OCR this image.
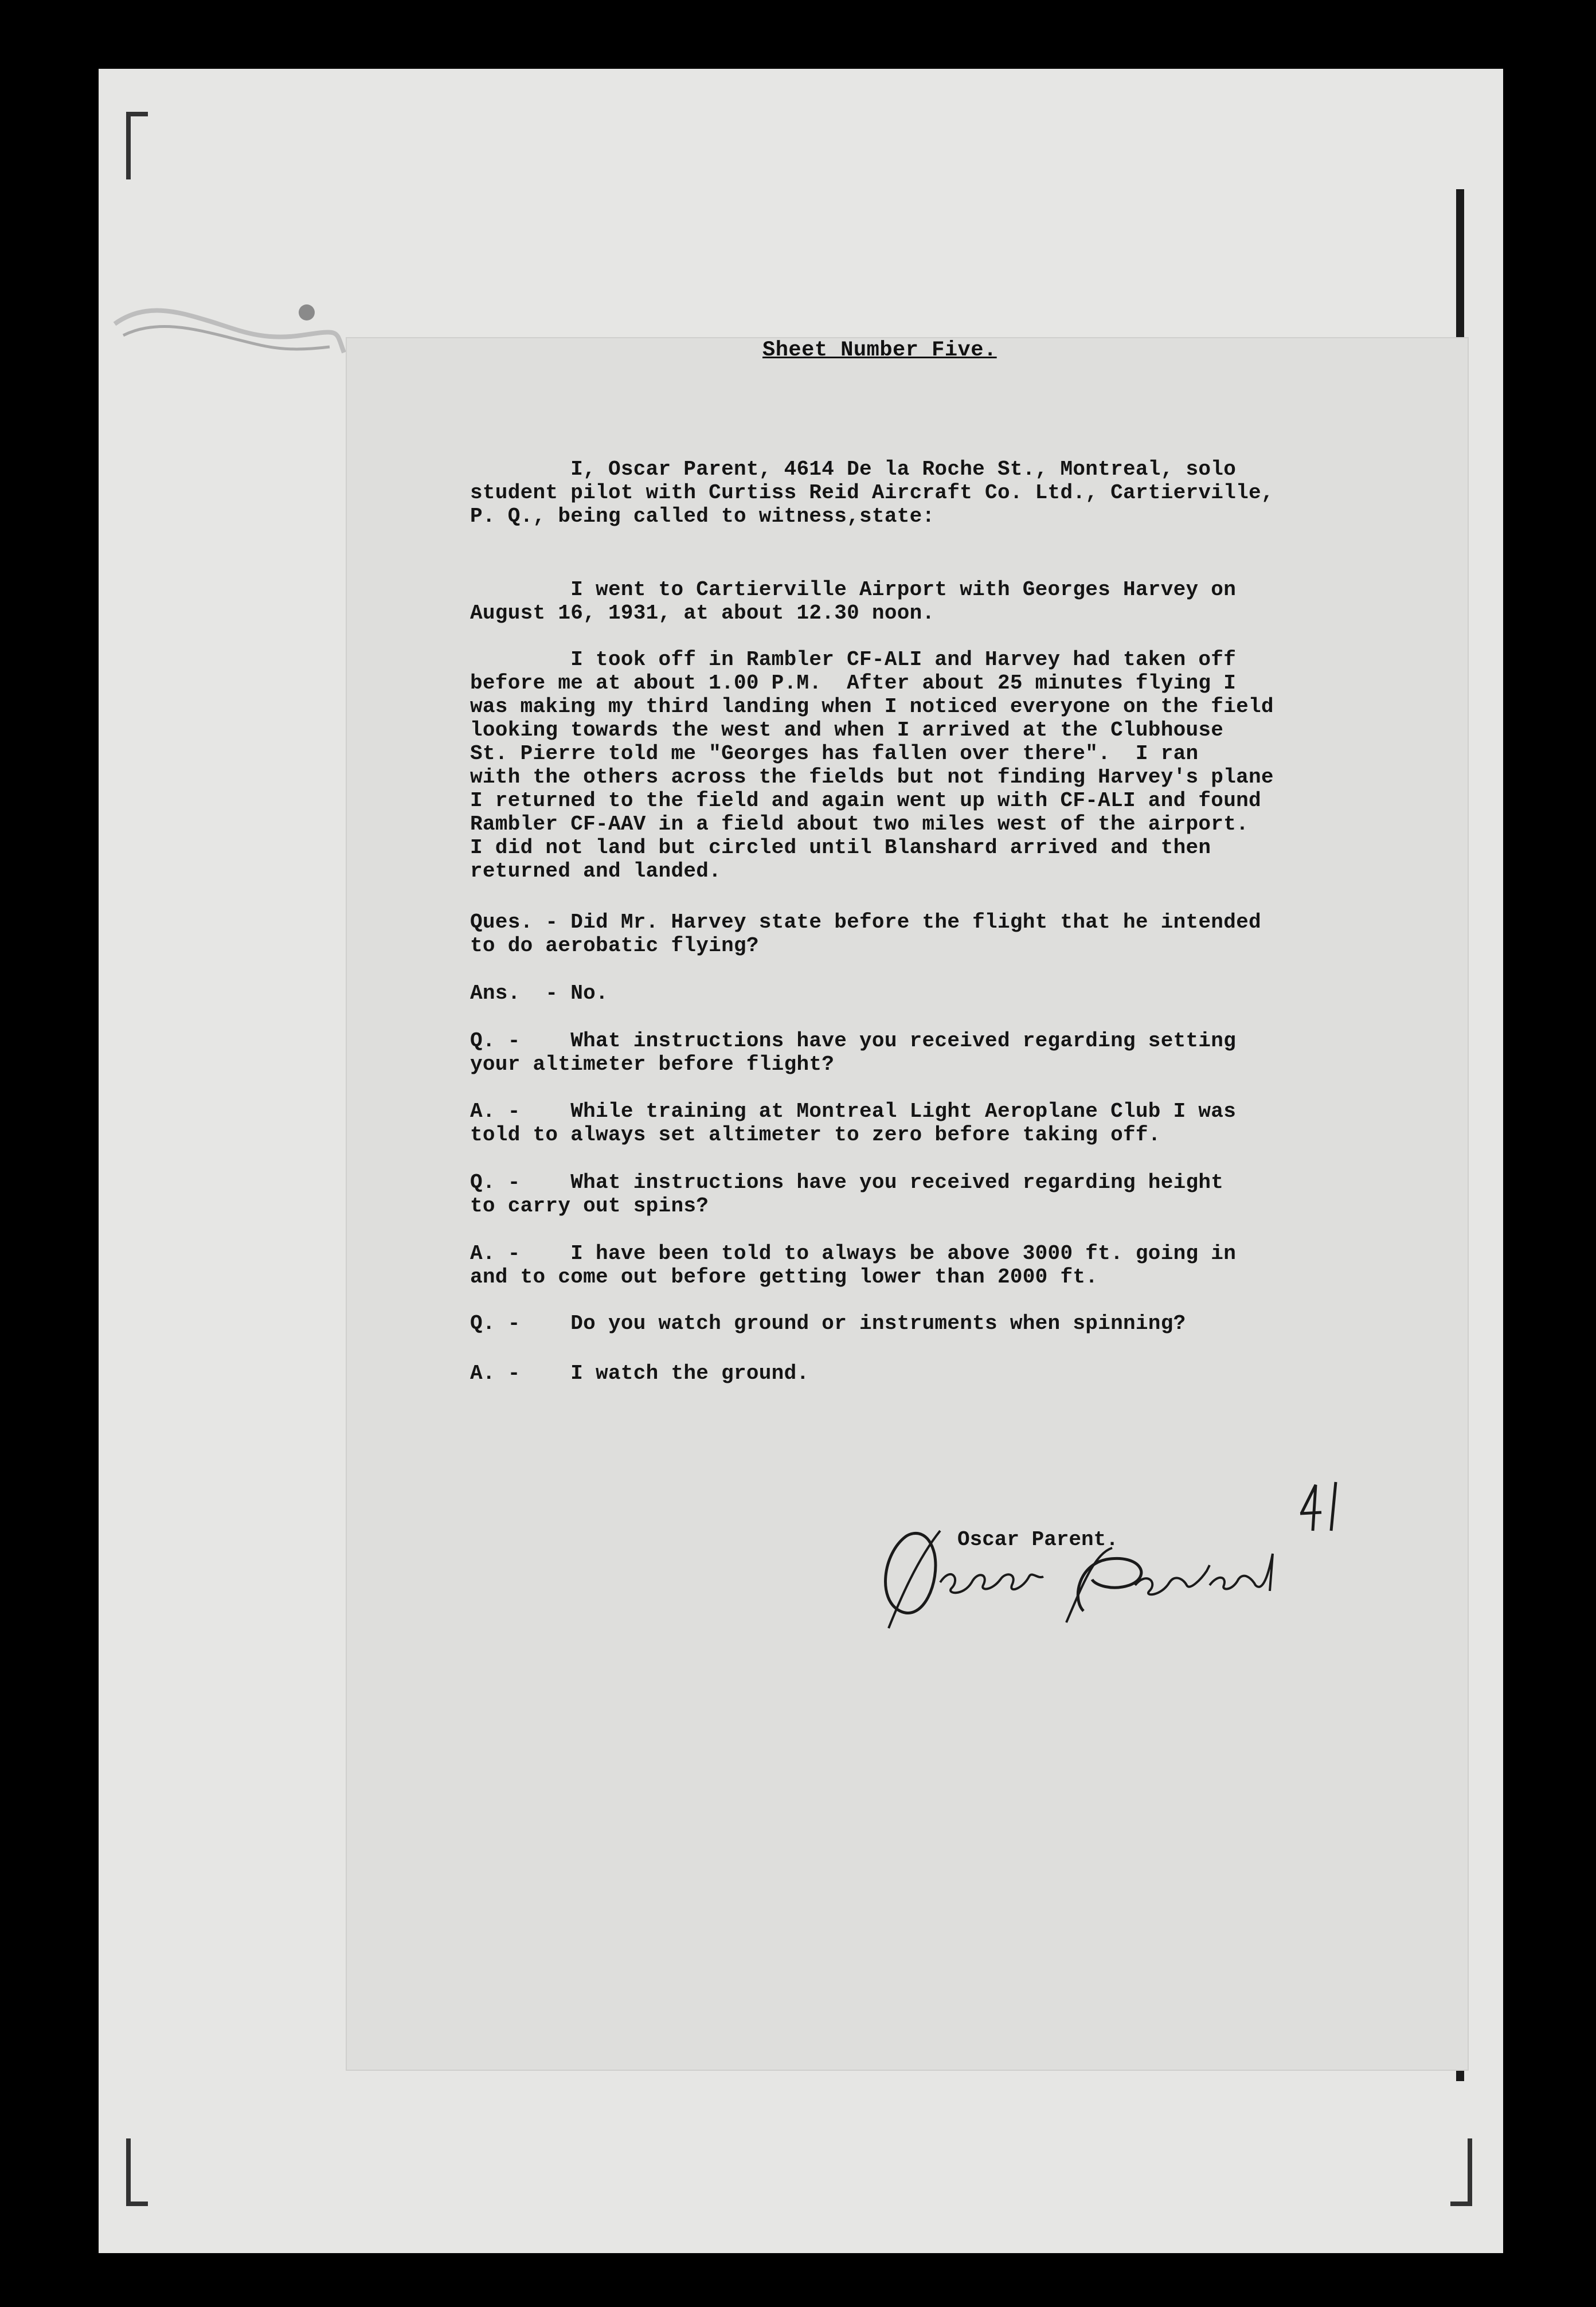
Sheet Number Five.

I, Oscar Parent, 4614 De la Roche St., Montreal, solo
student pilot with Curtiss Reid Aircraft Co. Ltd., Cartierville,
P. Q., being called to witness,state:

I went to Cartierville Airport with Georges Harvey on
August 16, 1931, at about 12.30 noon.

I took off in Rambler CF-ALI and Harvey had taken off
before me at about 1.00 P.M.  After about 25 minutes flying I
was making my third landing when I noticed everyone on the field
looking towards the west and when I arrived at the Clubhouse
St. Pierre told me "Georges has fallen over there".  I ran
with the others across the fields but not finding Harvey's plane
I returned to the field and again went up with CF-ALI and found
Rambler CF-AAV in a field about two miles west of the airport.
I did not land but circled until Blanshard arrived and then
returned and landed.

Ques. - Did Mr. Harvey state before the flight that he intended
to do aerobatic flying?

Ans.  - No.

Q. -    What instructions have you received regarding setting
your altimeter before flight?

A. -    While training at Montreal Light Aeroplane Club I was
told to always set altimeter to zero before taking off.

Q. -    What instructions have you received regarding height
to carry out spins?

A. -    I have been told to always be above 3000 ft. going in
and to come out before getting lower than 2000 ft.

Q. -    Do you watch ground or instruments when spinning?

A. -    I watch the ground.

Oscar Parent.
